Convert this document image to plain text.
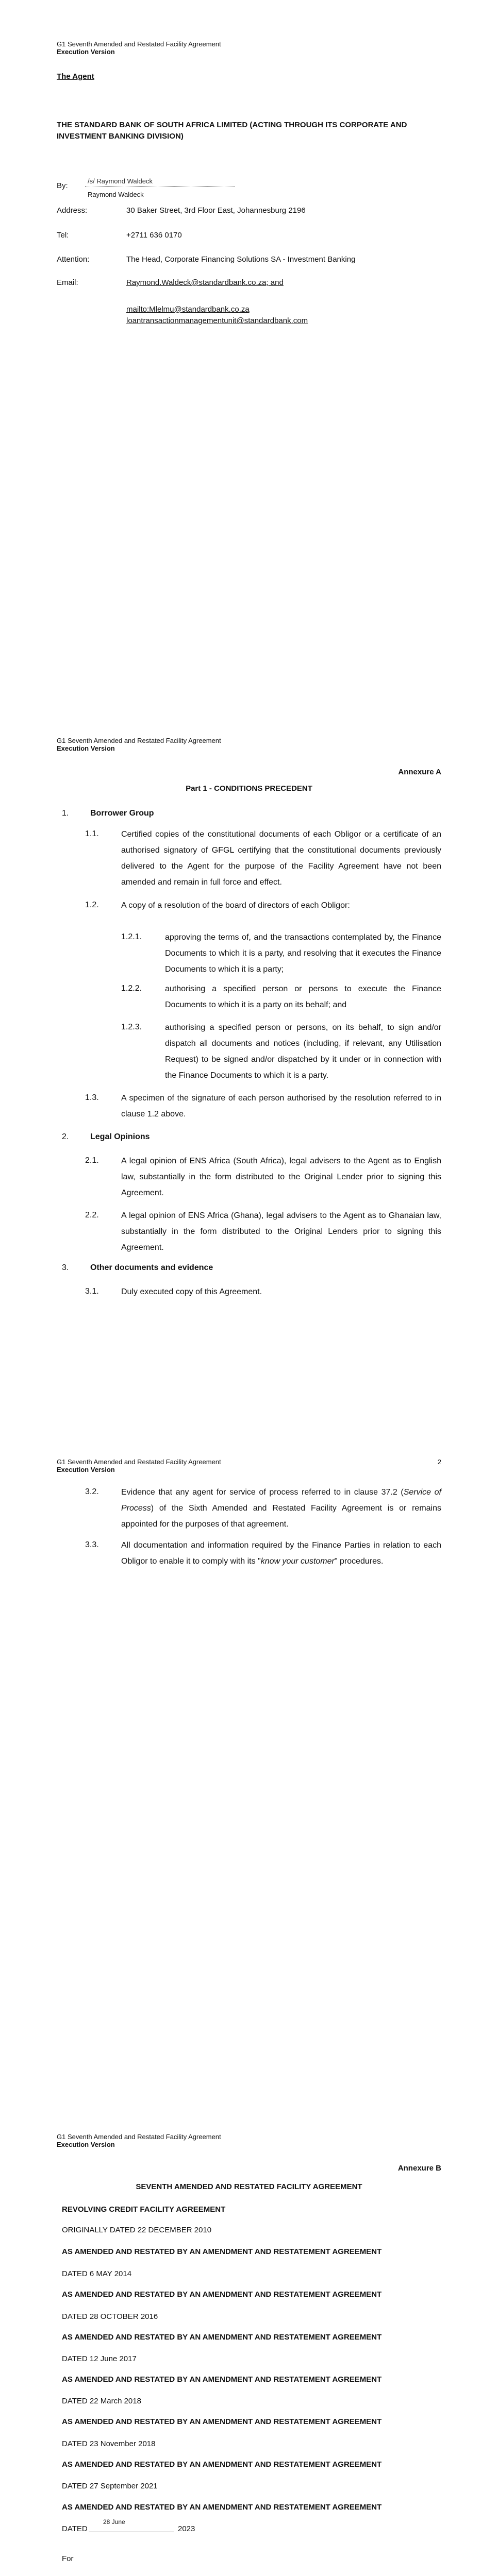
G1 Seventh Amended and Restated Facility Agreement
Execution Version
The Agent
THE STANDARD BANK OF SOUTH AFRICA LIMITED (ACTING THROUGH ITS CORPORATE AND INVESTMENT BANKING DIVISION)
By:
/s/ Raymond Waldeck
Raymond Waldeck
Address:	30 Baker Street, 3rd Floor East, Johannesburg 2196
Tel:	+2711 636 0170
Attention:	The Head, Corporate Financing Solutions SA - Investment Banking
Email:	Raymond.Waldeck@standardbank.co.za; and
mailto:Mlelmu@standardbank.co.za
loantransactionmanagementunit@standardbank.com
G1 Seventh Amended and Restated Facility Agreement
Execution Version
Annexure A
Part 1 - CONDITIONS PRECEDENT
1.	Borrower Group
1.1.	Certified copies of the constitutional documents of each Obligor or a certificate of an authorised signatory of GFGL certifying that the constitutional documents previously delivered to the Agent for the purpose of the Facility Agreement have not been amended and remain in full force and effect.
1.2.	A copy of a resolution of the board of directors of each Obligor:
1.2.1.	approving the terms of, and the transactions contemplated by, the Finance Documents to which it is a party, and resolving that it executes the Finance Documents to which it is a party;
1.2.2.	authorising a specified person or persons to execute the Finance Documents to which it is a party on its behalf; and
1.2.3.	authorising a specified person or persons, on its behalf, to sign and/or dispatch all documents and notices (including, if relevant, any Utilisation Request) to be signed and/or dispatched by it under or in connection with the Finance Documents to which it is a party.
1.3.	A specimen of the signature of each person authorised by the resolution referred to in clause 1.2 above.
2.	Legal Opinions
2.1.	A legal opinion of ENS Africa (South Africa), legal advisers to the Agent as to English law, substantially in the form distributed to the Original Lender prior to signing this Agreement.
2.2.	A legal opinion of ENS Africa (Ghana), legal advisers to the Agent as to Ghanaian law, substantially in the form distributed to the Original Lenders prior to signing this Agreement.
3.	Other documents and evidence
3.1.	Duly executed copy of this Agreement.
G1 Seventh Amended and Restated Facility Agreement
Execution Version
2
3.2.	Evidence that any agent for service of process referred to in clause 37.2 (Service of Process) of the Sixth Amended and Restated Facility Agreement is or remains appointed for the purposes of that agreement.
3.3.	All documentation and information required by the Finance Parties in relation to each Obligor to enable it to comply with its "know your customer" procedures.
G1 Seventh Amended and Restated Facility Agreement
Execution Version
Annexure B
SEVENTH AMENDED AND RESTATED FACILITY AGREEMENT
REVOLVING CREDIT FACILITY AGREEMENT
ORIGINALLY DATED 22 DECEMBER 2010
AS AMENDED AND RESTATED BY AN AMENDMENT AND RESTATEMENT AGREEMENT
DATED 6 MAY 2014
AS AMENDED AND RESTATED BY AN AMENDMENT AND RESTATEMENT AGREEMENT
DATED 28 OCTOBER 2016
AS AMENDED AND RESTATED BY AN AMENDMENT AND RESTATEMENT AGREEMENT
DATED 12 June 2017
AS AMENDED AND RESTATED BY AN AMENDMENT AND RESTATEMENT AGREEMENT
DATED 22 March 2018
AS AMENDED AND RESTATED BY AN AMENDMENT AND RESTATEMENT AGREEMENT
DATED 23 November 2018
AS AMENDED AND RESTATED BY AN AMENDMENT AND RESTATEMENT AGREEMENT
DATED 27 September 2021
AS AMENDED AND RESTATED BY AN AMENDMENT AND RESTATEMENT AGREEMENT
DATED
28 June
2023
For
